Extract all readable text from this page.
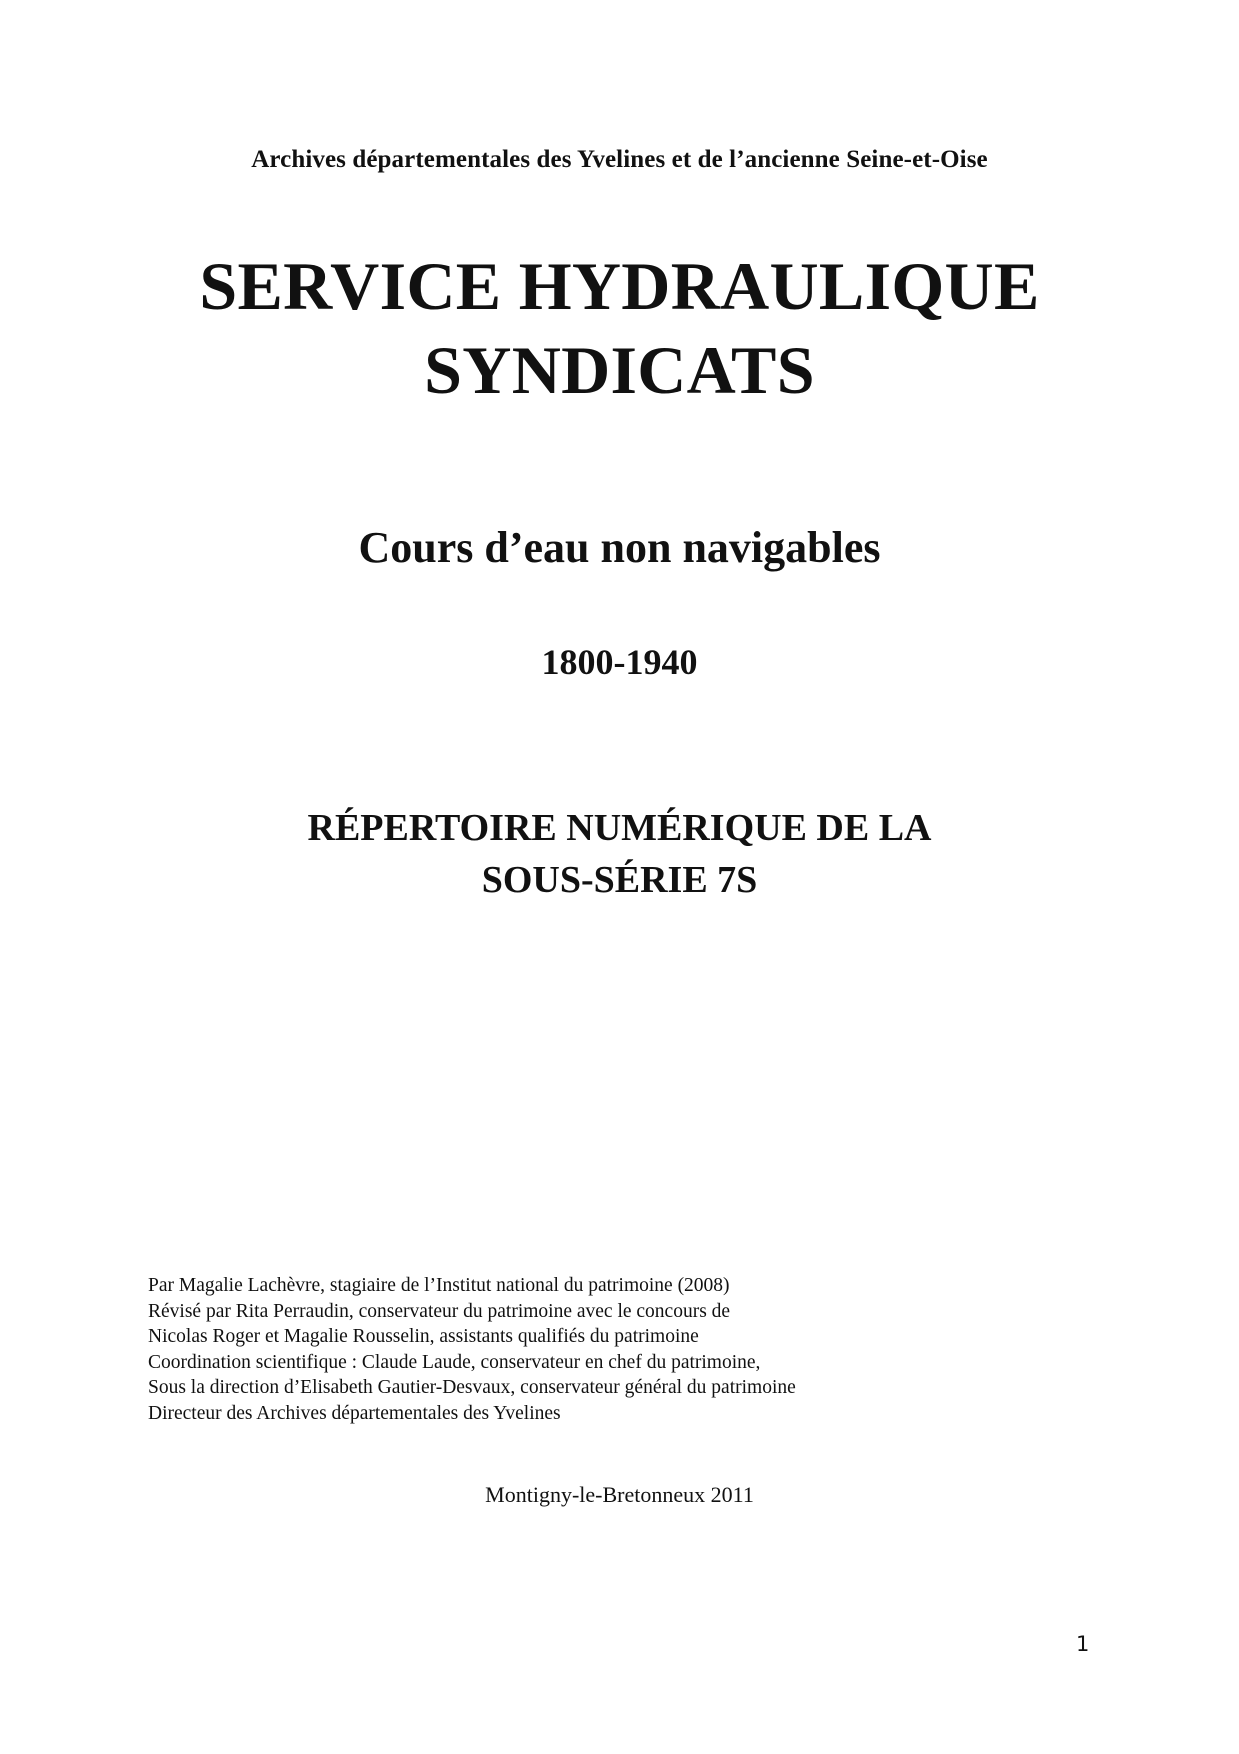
Archives départementales des Yvelines et de l’ancienne Seine-et-Oise
SERVICE HYDRAULIQUE
SYNDICATS
Cours d’eau non navigables
1800-1940
RÉPERTOIRE NUMÉRIQUE DE LA
SOUS-SÉRIE 7S
Par Magalie Lachèvre, stagiaire de l’Institut national du patrimoine (2008)
Révisé par Rita Perraudin, conservateur du patrimoine avec le concours de
Nicolas Roger et Magalie Rousselin, assistants qualifiés du patrimoine
Coordination scientifique : Claude Laude, conservateur en chef du patrimoine,
Sous la direction d’Elisabeth Gautier-Desvaux, conservateur général du patrimoine
Directeur des Archives départementales des Yvelines
Montigny-le-Bretonneux 2011
1
